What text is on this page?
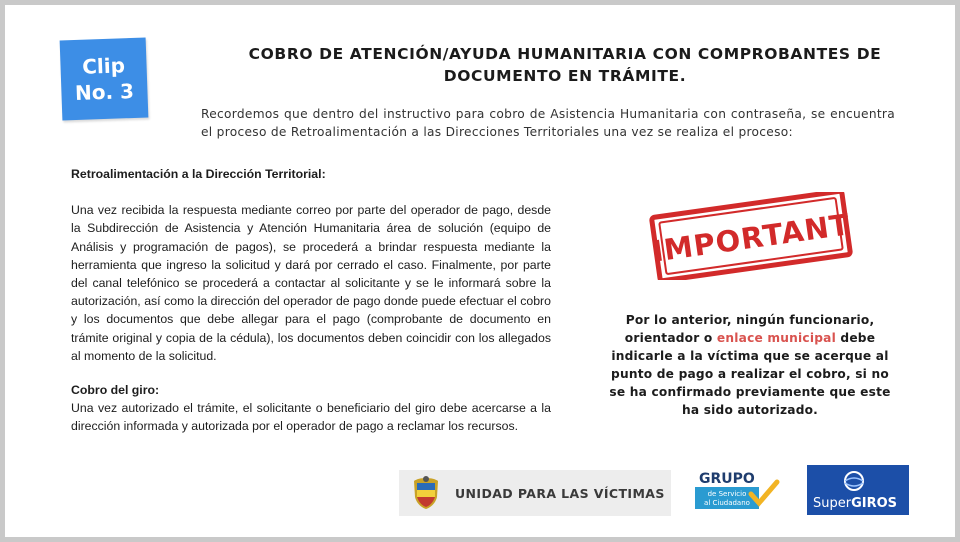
Clip
No. 3
COBRO DE ATENCIÓN/AYUDA HUMANITARIA CON COMPROBANTES DE
DOCUMENTO EN TRÁMITE.

Recordemos que dentro del instructivo para cobro de Asistencia Humanitaria con contraseña, se encuentra el proceso de Retroalimentación a las Direcciones Territoriales una vez se realiza el proceso:

Retroalimentación a la Dirección Territorial:

Una vez recibida la respuesta mediante correo por parte del operador de pago, desde la Subdirección de Asistencia y Atención Humanitaria área de solución (equipo de Análisis y programación de pagos), se procederá a brindar respuesta mediante la herramienta que ingreso la solicitud y dará por cerrado el caso. Finalmente, por parte del canal telefónico se procederá a contactar al solicitante y se le informará sobre la autorización, así como la dirección del operador de pago donde puede efectuar el cobro y los documentos que debe allegar para el pago (comprobante de documento en trámite original y copia de la cédula), los documentos deben coincidir con los allegados al momento de la solicitud.

Cobro del giro:

Una vez autorizado el trámite, el solicitante o beneficiario del giro debe acercarse a la dirección informada y autorizada por el operador de pago a reclamar los recursos.

IMPORTANT

Por lo anterior, ningún funcionario, orientador o enlace municipal debe indicarle a la víctima que se acerque al punto de pago a realizar el cobro, si no se ha confirmado previamente que este ha sido autorizado.

UNIDAD PARA LAS VÍCTIMAS
GRUPO
de Servicio
al Ciudadano	SuperGIROS
